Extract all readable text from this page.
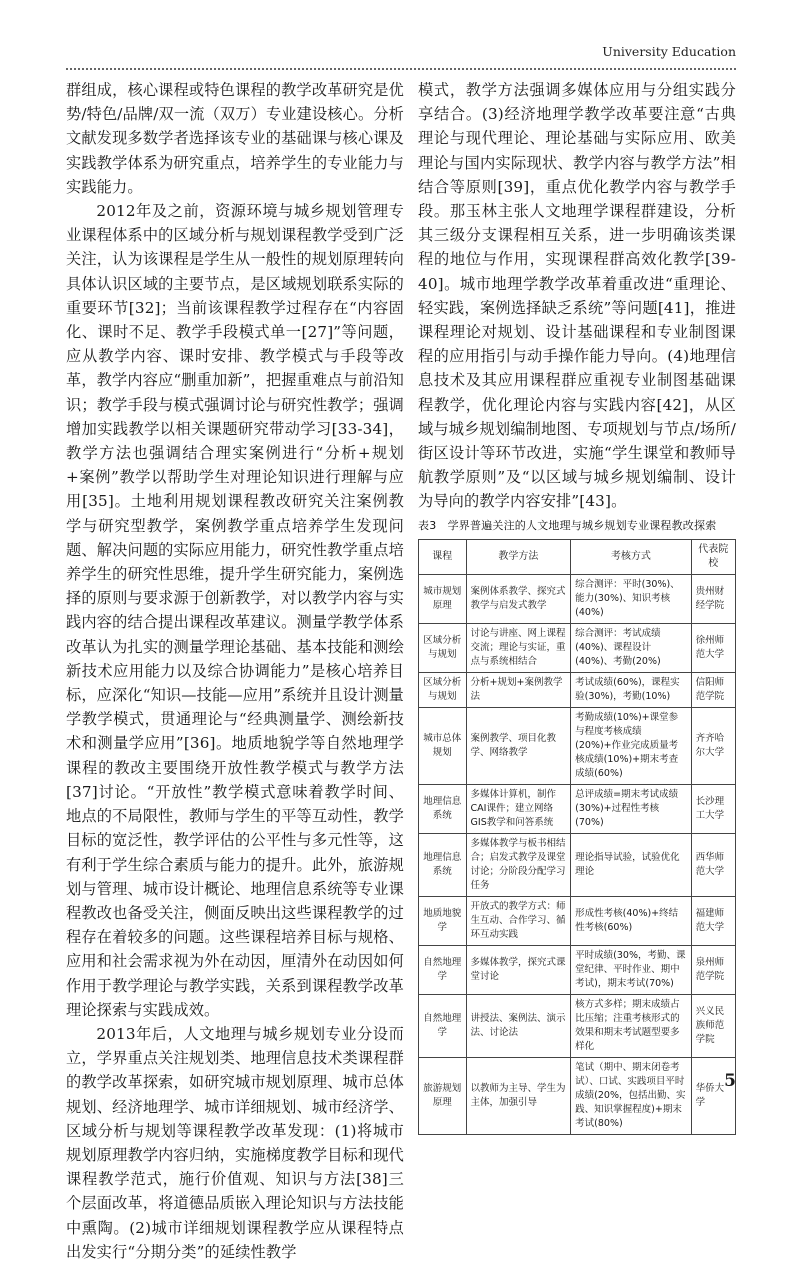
University Education

群组成，核心课程或特色课程的教学改革研究是优势/特色/品牌/双一流（双万）专业建设核心。分析文献发现多数学者选择该专业的基础课与核心课及实践教学体系为研究重点，培养学生的专业能力与实践能力。

2012年及之前，资源环境与城乡规划管理专业课程体系中的区域分析与规划课程教学受到广泛关注，认为该课程是学生从一般性的规划原理转向具体认识区域的主要节点，是区域规划联系实际的重要环节[32]；当前该课程教学过程存在“内容固化、课时不足、教学手段模式单一[27]”等问题，应从教学内容、课时安排、教学模式与手段等改革，教学内容应“删重加新”，把握重难点与前沿知识；教学手段与模式强调讨论与研究性教学；强调增加实践教学以相关课题研究带动学习[33-34]，教学方法也强调结合理实案例进行“分析+规划+案例”教学以帮助学生对理论知识进行理解与应用[35]。土地利用规划课程教改研究关注案例教学与研究型教学，案例教学重点培养学生发现问题、解决问题的实际应用能力，研究性教学重点培养学生的研究性思维，提升学生研究能力，案例选择的原则与要求源于创新教学，对以教学内容与实践内容的结合提出课程改革建议。测量学教学体系改革认为扎实的测量学理论基础、基本技能和测绘新技术应用能力以及综合协调能力”是核心培养目标，应深化“知识—技能—应用”系统并且设计测量学教学模式，贯通理论与“经典测量学、测绘新技术和测量学应用”[36]。地质地貌学等自然地理学课程的教改主要围绕开放性教学模式与教学方法[37]讨论。“开放性”教学模式意味着教学时间、地点的不局限性，教师与学生的平等互动性，教学目标的宽泛性，教学评估的公平性与多元性等，这有利于学生综合素质与能力的提升。此外，旅游规划与管理、城市设计概论、地理信息系统等专业课程教改也备受关注，侧面反映出这些课程教学的过程存在着较多的问题。这些课程培养目标与规格、应用和社会需求视为外在动因，厘清外在动因如何作用于教学理论与教学实践，关系到课程教学改革理论探索与实践成效。

2013年后，人文地理与城乡规划专业分设而立，学界重点关注规划类、地理信息技术类课程群的教学改革探索，如研究城市规划原理、城市总体规划、经济地理学、城市详细规划、城市经济学、区域分析与规划等课程教学改革发现：(1)将城市规划原理教学内容归纳，实施梯度教学目标和现代课程教学范式，施行价值观、知识与方法[38]三个层面改革，将道德品质嵌入理论知识与方法技能中熏陶。(2)城市详细规划课程教学应从课程特点出发实行“分期分类”的延续性教学

模式，教学方法强调多媒体应用与分组实践分享结合。(3)经济地理学教学改革要注意“古典理论与现代理论、理论基础与实际应用、欧美理论与国内实际现状、教学内容与教学方法”相结合等原则[39]，重点优化教学内容与教学手段。那玉林主张人文地理学课程群建设，分析其三级分支课程相互关系，进一步明确该类课程的地位与作用，实现课程群高效化教学[39-40]。城市地理学教学改革着重改进“重理论、轻实践，案例选择缺乏系统”等问题[41]，推进课程理论对规划、设计基础课程和专业制图课程的应用指引与动手操作能力导向。(4)地理信息技术及其应用课程群应重视专业制图基础课程教学，优化理论内容与实践内容[42]，从区域与城乡规划编制地图、专项规划与节点/场所/街区设计等环节改进，实施“学生课堂和教师导航教学原则”及“以区域与城乡规划编制、设计为导向的教学内容安排”[43]。

表3　学界普遍关注的人文地理与城乡规划专业课程教改探索
课程	教学方法	考核方式	代表院校
城市规划原理	案例体系教学、探究式教学与启发式教学	综合测评：平时(30%)、能力(30%)、知识考核(40%)	贵州财经学院
区域分析与规划	讨论与讲座、网上课程交流；理论与实证，重点与系统相结合	综合测评：考试成绩(40%)、课程设计(40%)、考勤(20%)	徐州师范大学
区域分析与规划	分析+规划+案例教学法	考试成绩(60%)，课程实验(30%)，考勤(10%)	信阳师范学院
城市总体规划	案例教学、项目化教学、网络教学	考勤成绩(10%)+课堂参与程度考核成绩(20%)+作业完成质量考核成绩(10%)+期末考查成绩(60%)	齐齐哈尔大学
地理信息系统	多媒体计算机，制作CAI课件；建立网络GIS教学和问答系统	总评成绩=期末考试成绩(30%)+过程性考核(70%)	长沙理工大学
地理信息系统	多媒体教学与板书相结合；启发式教学及课堂讨论；分阶段分配学习任务	理论指导试验，试验优化理论	西华师范大学
地质地貌学	开放式的教学方式：师生互动、合作学习、循环互动实践	形成性考核(40%)+终结性考核(60%)	福建师范大学
自然地理学	多媒体教学，探究式课堂讨论	平时成绩(30%，考勤、课堂纪律、平时作业、期中考试)，期末考试(70%)	泉州师范学院
自然地理学	讲授法、案例法、演示法、讨论法	核方式多样；期末成绩占比压缩；注重考核形式的效果和期末考试题型要多样化	兴义民族师范学院
旅游规划原理	以教师为主导、学生为主体，加强引导	笔试（期中、期末闭卷考试）、口试、实践项目平时成绩(20%，包括出勤、实践、知识掌握程度)+期末考试(80%)	华侨大学
5
